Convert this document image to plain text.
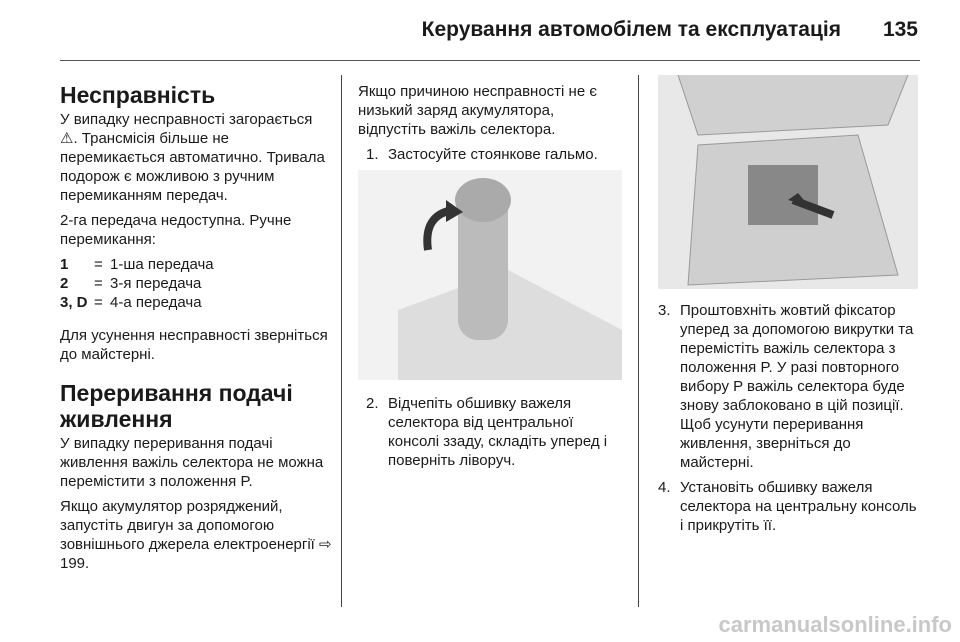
Керування автомобілем та експлуатація 135
Несправність

У випадку несправності загорається ⚠. Трансмісія більше не перемикається автоматично. Тривала подорож є можливою з ручним перемиканням передач.

2-га передача недоступна. Ручне перемикання:

1	= 1-ша передача
2	= 3-я передача
3, D = 4-а передача

Для усунення несправності зверніться до майстерні.

Переривання подачі живлення

У випадку переривання подачі живлення важіль селектора не можна перемістити з положення P.

Якщо акумулятор розряджений, запустіть двигун за допомогою зовнішнього джерела електроенергії ⇨ 199.

Якщо причиною несправності не є низький заряд акумулятора, відпустіть важіль селектора.

1. Застосуйте стоянкове гальмо.
2. Відчепіть обшивку важеля селектора від центральної консолі ззаду, складіть уперед і поверніть ліворуч.
3. Проштовхніть жовтий фіксатор уперед за допомогою викрутки та перемістіть важіль селектора з положення P. У разі повторного вибору P важіль селектора буде знову заблоковано в цій позиції. Щоб усунути переривання живлення, зверніться до майстерні.
4. Установіть обшивку важеля селектора на центральну консоль і прикрутіть її.
carmanualsonline.info
